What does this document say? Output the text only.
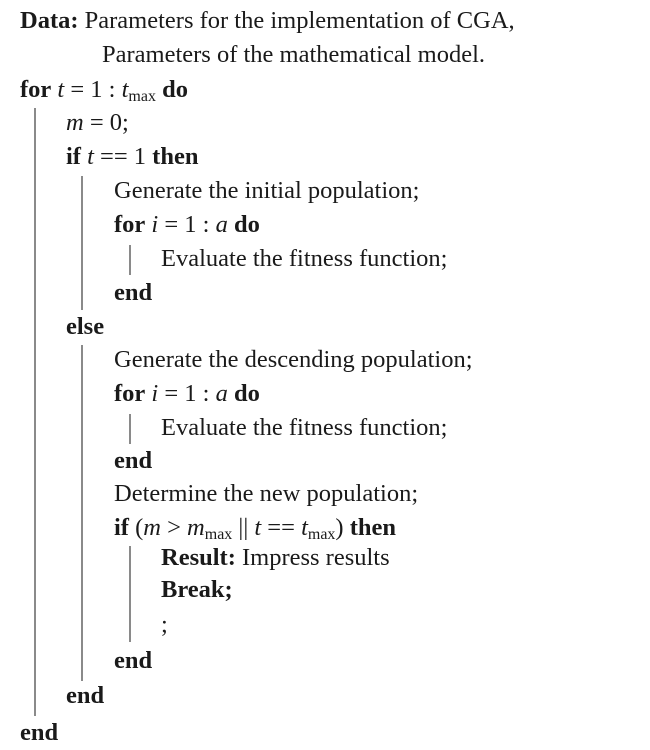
Data: Parameters for the implementation of CGA,
Parameters of the mathematical model.
for t = 1 : $t_{max}$ do
m = 0;
if t == 1 then
Generate the initial population;
for i = 1 : a do
Evaluate the fitness function;
end
else
Generate the descending population;
for i = 1 : a do
Evaluate the fitness function;
end
Determine the new population;
if ($m > m_{max}$ || $t == t_{max}$) then
Result: Impress results
Break;
;
end
end
end
